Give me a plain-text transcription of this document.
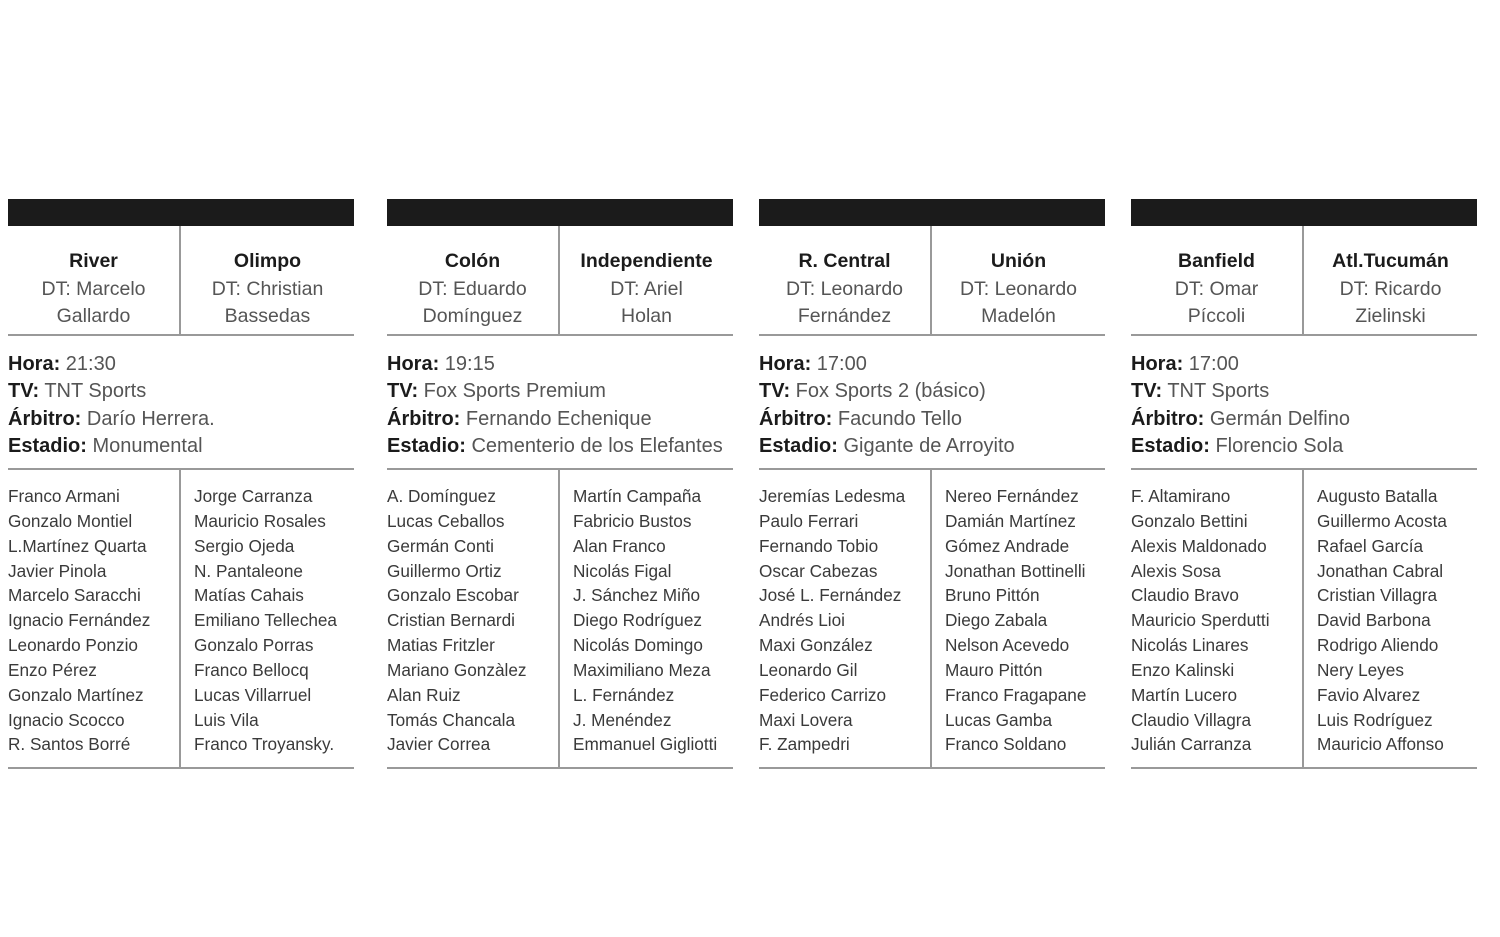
River
DT: Marcelo
Gallardo
Olimpo
DT: Christian
Bassedas
Hora: 21:30
TV: TNT Sports
Árbitro: Darío Herrera.
Estadio: Monumental
Franco Armani
Gonzalo Montiel
L.Martínez Quarta
Javier Pinola
Marcelo Saracchi
Ignacio Fernández
Leonardo Ponzio
Enzo Pérez
Gonzalo Martínez
Ignacio Scocco
R. Santos Borré
Jorge Carranza
Mauricio Rosales
Sergio Ojeda
N. Pantaleone
Matías Cahais
Emiliano Tellechea
Gonzalo Porras
Franco Bellocq
Lucas Villarruel
Luis Vila
Franco Troyansky.
Colón
DT: Eduardo
Domínguez
Independiente
DT: Ariel
Holan
Hora: 19:15
TV: Fox Sports Premium
Árbitro: Fernando Echenique
Estadio: Cementerio de los Elefantes
A. Domínguez
Lucas Ceballos
Germán Conti
Guillermo Ortiz
Gonzalo Escobar
Cristian Bernardi
Matias Fritzler
Mariano Gonzàlez
Alan Ruiz
Tomás Chancala
Javier Correa
Martín Campaña
Fabricio Bustos
Alan Franco
Nicolás Figal
J. Sánchez Miño
Diego Rodríguez
Nicolás Domingo
Maximiliano Meza
L. Fernández
J. Menéndez
Emmanuel Gigliotti
R. Central
DT: Leonardo
Fernández
Unión
DT: Leonardo
Madelón
Hora: 17:00
TV: Fox Sports 2 (básico)
Árbitro: Facundo Tello
Estadio: Gigante de Arroyito
Jeremías Ledesma
Paulo Ferrari
Fernando Tobio
Oscar Cabezas
José L. Fernández
Andrés Lioi
Maxi González
Leonardo Gil
Federico Carrizo
Maxi Lovera
F. Zampedri
Nereo Fernández
Damián Martínez
Gómez Andrade
Jonathan Bottinelli
Bruno Pittón
Diego Zabala
Nelson Acevedo
Mauro Pittón
Franco Fragapane
Lucas Gamba
Franco Soldano
Banfield
DT: Omar
Píccoli
Atl.Tucumán
DT: Ricardo
Zielinski
Hora: 17:00
TV: TNT Sports
Árbitro: Germán Delfino
Estadio: Florencio Sola
F. Altamirano
Gonzalo Bettini
Alexis Maldonado
Alexis Sosa
Claudio Bravo
Mauricio Sperdutti
Nicolás Linares
Enzo Kalinski
Martín Lucero
Claudio Villagra
Julián Carranza
Augusto Batalla
Guillermo Acosta
Rafael García
Jonathan Cabral
Cristian Villagra
David Barbona
Rodrigo Aliendo
Nery Leyes
Favio Alvarez
Luis Rodríguez
Mauricio Affonso
